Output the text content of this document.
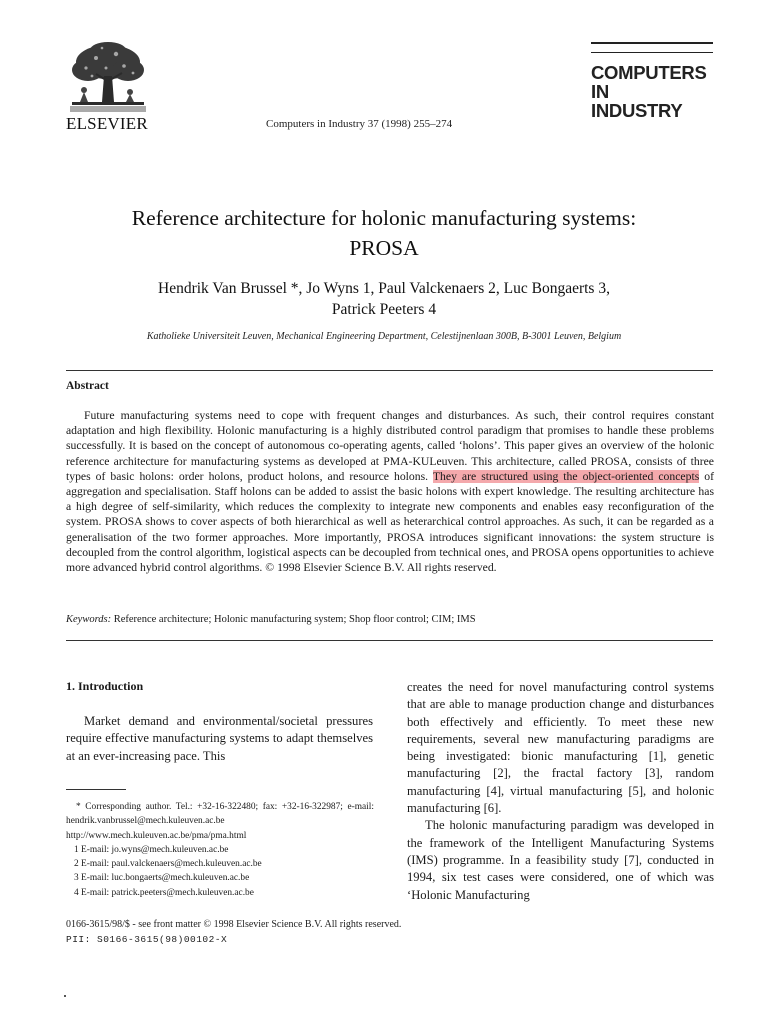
ELSEVIER	Computers in Industry 37 (1998) 255–274
COMPUTERS IN
INDUSTRY
Reference architecture for holonic manufacturing systems:
PROSA
Hendrik Van Brussel *, Jo Wyns 1, Paul Valckenaers 2, Luc Bongaerts 3,
Patrick Peeters 4
Katholieke Universiteit Leuven, Mechanical Engineering Department, Celestijnenlaan 300B, B-3001 Leuven, Belgium
Abstract
Future manufacturing systems need to cope with frequent changes and disturbances. As such, their control requires constant adaptation and high flexibility. Holonic manufacturing is a highly distributed control paradigm that promises to handle these problems successfully. It is based on the concept of autonomous co-operating agents, called ‘holons’. This paper gives an overview of the holonic reference architecture for manufacturing systems as developed at PMA-KULeuven. This architecture, called PROSA, consists of three types of basic holons: order holons, product holons, and resource holons. They are structured using the object-oriented concepts of aggregation and specialisation. Staff holons can be added to assist the basic holons with expert knowledge. The resulting architecture has a high degree of self-similarity, which reduces the complexity to integrate new components and enables easy reconfiguration of the system. PROSA shows to cover aspects of both hierarchical as well as heterarchical control approaches. As such, it can be regarded as a generalisation of the two former approaches. More importantly, PROSA introduces significant innovations: the system structure is decoupled from the control algorithm, logistical aspects can be decoupled from technical ones, and PROSA opens opportunities to achieve more advanced hybrid control algorithms. © 1998 Elsevier Science B.V. All rights reserved.
Keywords: Reference architecture; Holonic manufacturing system; Shop floor control; CIM; IMS
1. Introduction
Market demand and environmental/societal pressures require effective manufacturing systems to adapt themselves at an ever-increasing pace. This
* Corresponding author. Tel.: +32-16-322480; fax: +32-16-322987; e-mail: hendrik.vanbrussel@mech.kuleuven.ac.be http://www.mech.kuleuven.ac.be/pma/pma.html
1 E-mail: jo.wyns@mech.kuleuven.ac.be
2 E-mail: paul.valckenaers@mech.kuleuven.ac.be
3 E-mail: luc.bongaerts@mech.kuleuven.ac.be
4 E-mail: patrick.peeters@mech.kuleuven.ac.be

creates the need for novel manufacturing control systems that are able to manage production change and disturbances both effectively and efficiently. To meet these new requirements, several new manufacturing paradigms are being investigated: bionic manufacturing [1], genetic manufacturing [2], the fractal factory [3], random manufacturing [4], virtual manufacturing [5], and holonic manufacturing [6].

The holonic manufacturing paradigm was developed in the framework of the Intelligent Manufacturing Systems (IMS) programme. In a feasibility study [7], conducted in 1994, six test cases were considered, one of which was ‘Holonic Manufacturing

0166-3615/98/$ - see front matter © 1998 Elsevier Science B.V. All rights reserved.
PII: S0166-3615(98)00102-X
